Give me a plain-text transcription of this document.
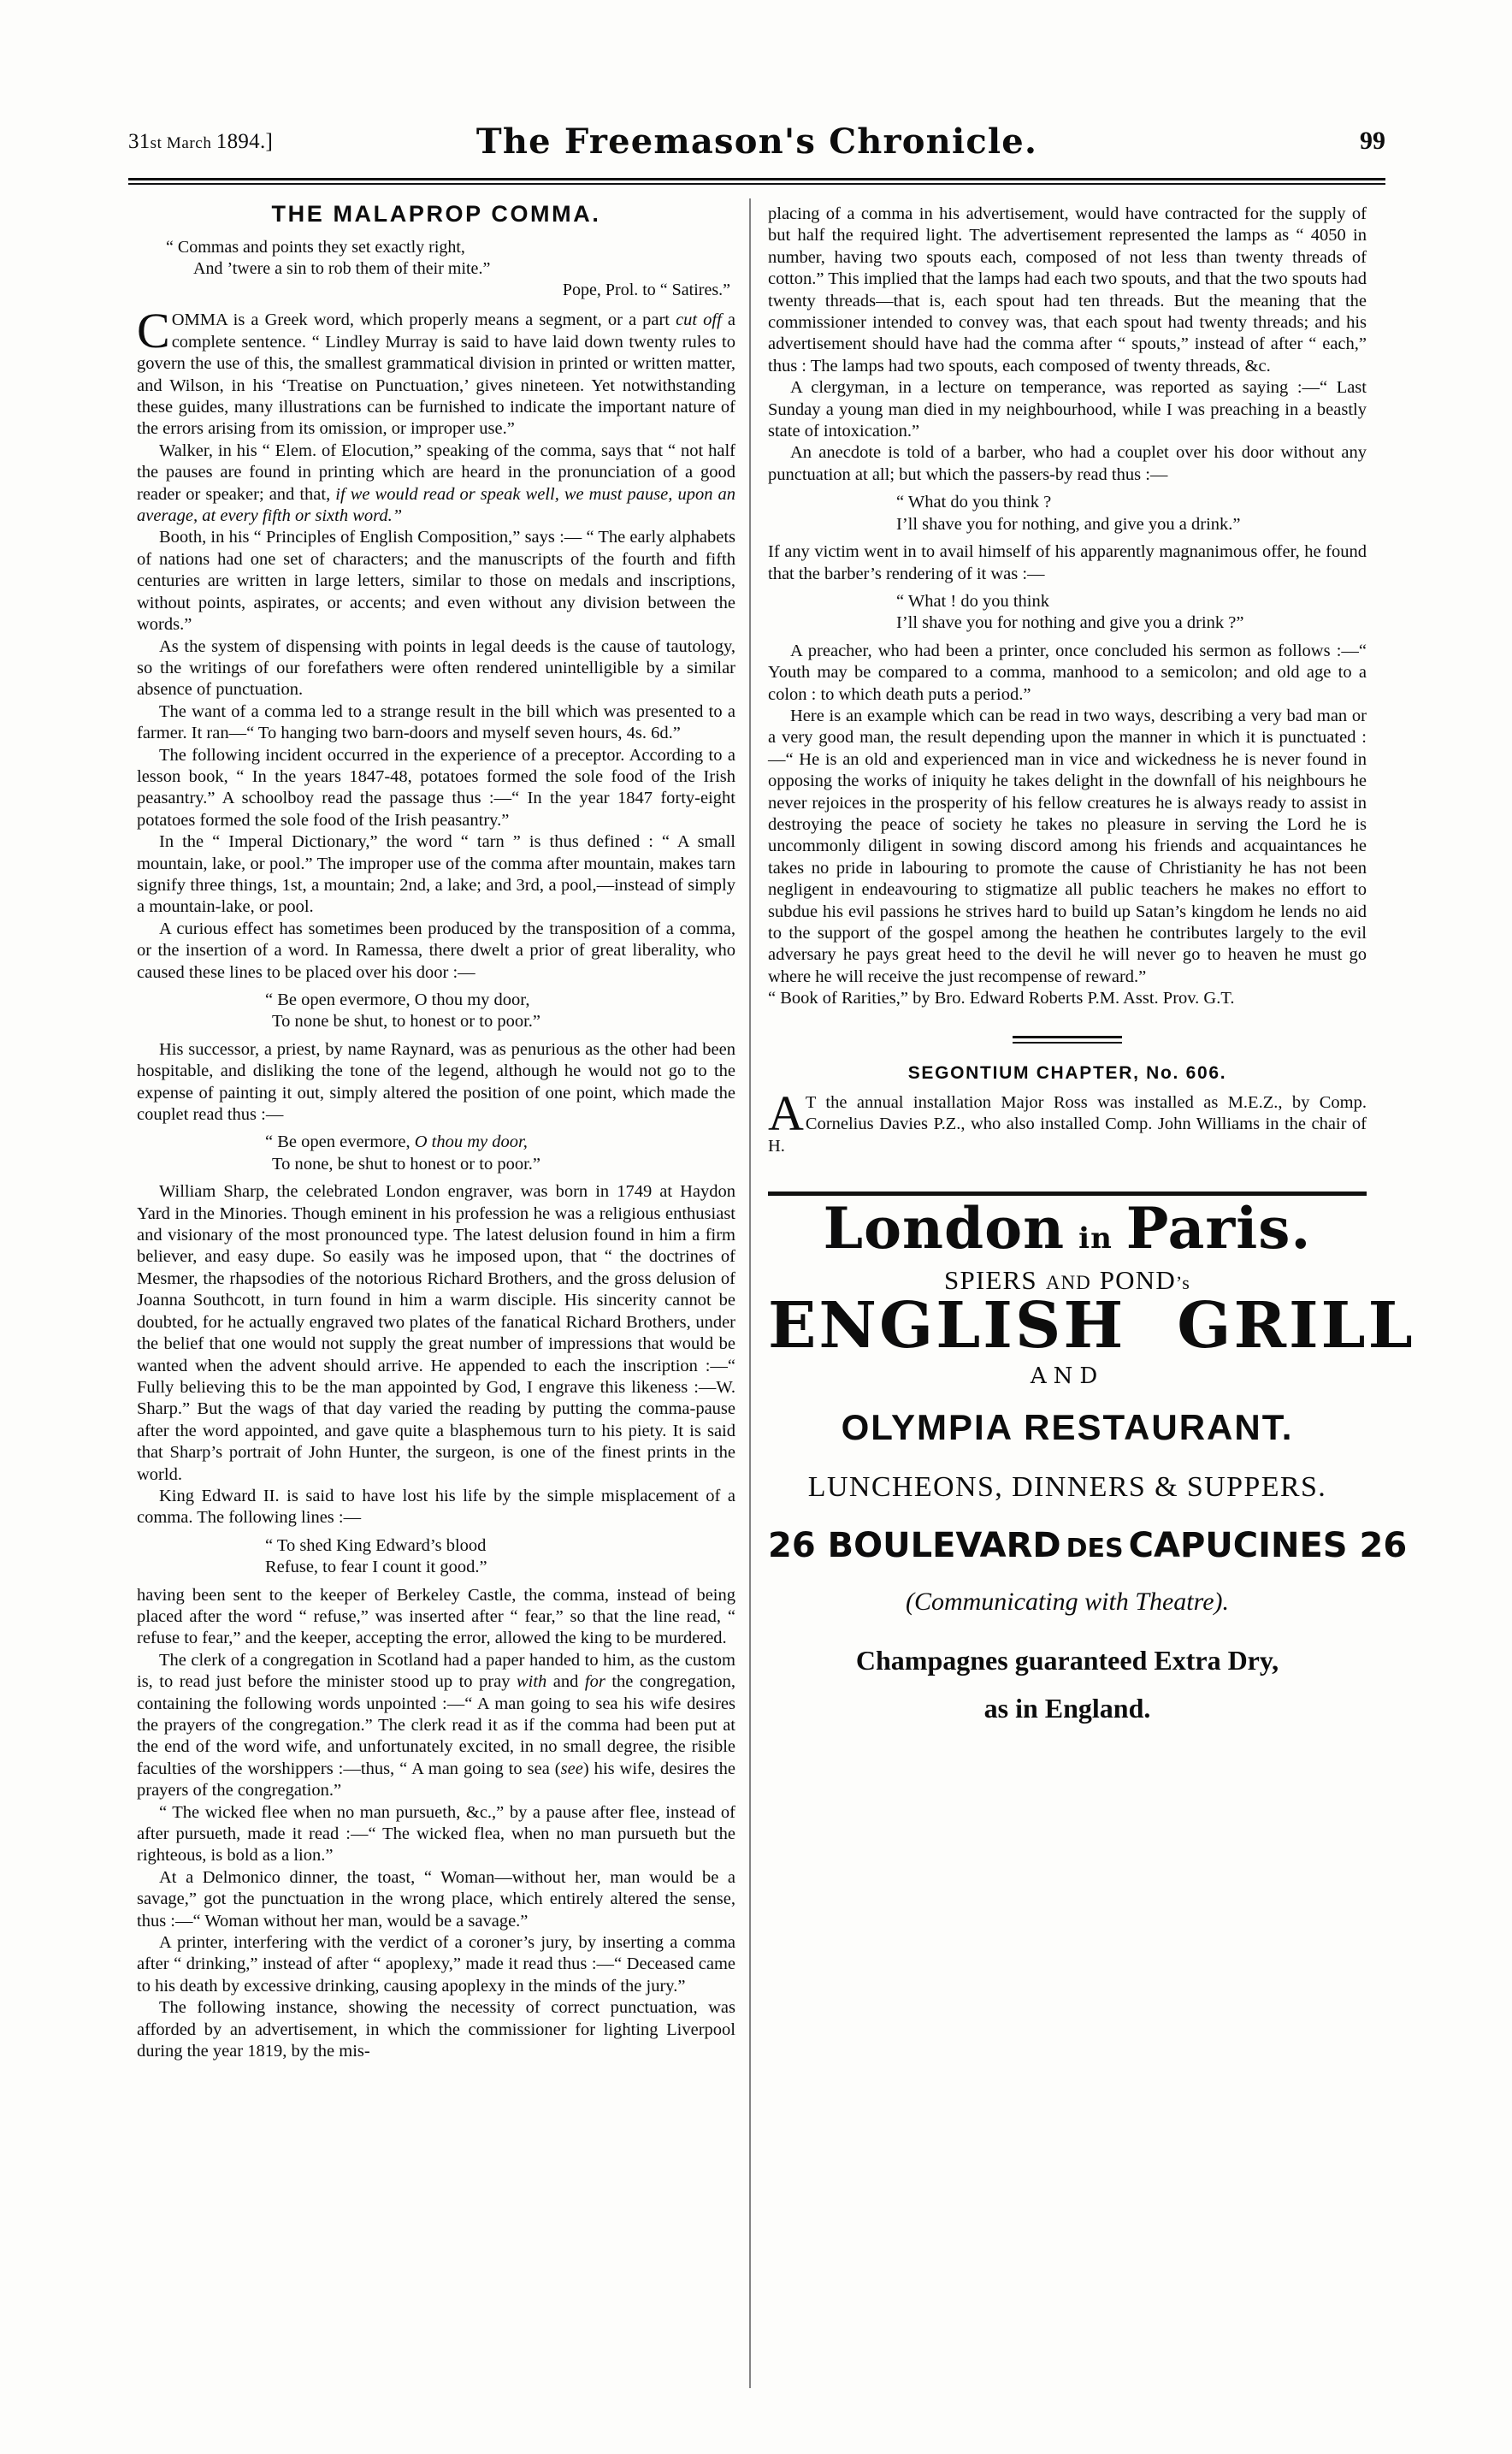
31st March 1894.]	The Freemason's Chronicle.	99
THE MALAPROP COMMA.
“ Commas and points they set exactly right,
And ’twere a sin to rob them of their mite.”
Pope, Prol. to “ Satires.”

COMMA is a Greek word, which properly means a segment, or a part cut off a complete sentence. “ Lindley Murray is said to have laid down twenty rules to govern the use of this, the smallest grammatical division in printed or written matter, and Wilson, in his ‘Treatise on Punctuation,’ gives nineteen. Yet notwithstanding these guides, many illustrations can be furnished to indicate the important nature of the errors arising from its omission, or improper use.”

Walker, in his “ Elem. of Elocution,” speaking of the comma, says that “ not half the pauses are found in printing which are heard in the pronunciation of a good reader or speaker; and that, if we would read or speak well, we must pause, upon an average, at every fifth or sixth word.”

Booth, in his “ Principles of English Composition,” says :— “ The early alphabets of nations had one set of characters; and the manuscripts of the fourth and fifth centuries are written in large letters, similar to those on medals and inscriptions, without points, aspirates, or accents; and even without any division between the words.”

As the system of dispensing with points in legal deeds is the cause of tautology, so the writings of our forefathers were often rendered unintelligible by a similar absence of punctuation.

The want of a comma led to a strange result in the bill which was presented to a farmer. It ran—“ To hanging two barn-doors and myself seven hours, 4s. 6d.”

The following incident occurred in the experience of a preceptor. According to a lesson book, “ In the years 1847-48, potatoes formed the sole food of the Irish peasantry.” A schoolboy read the passage thus :—“ In the year 1847 forty-eight potatoes formed the sole food of the Irish peasantry.”

In the “ Imperal Dictionary,” the word “ tarn ” is thus defined : “ A small mountain, lake, or pool.” The improper use of the comma after mountain, makes tarn signify three things, 1st, a mountain; 2nd, a lake; and 3rd, a pool,—instead of simply a mountain-lake, or pool.

A curious effect has sometimes been produced by the transposition of a comma, or the insertion of a word. In Ramessa, there dwelt a prior of great liberality, who caused these lines to be placed over his door :—

“ Be open evermore, O thou my door,
To none be shut, to honest or to poor.”

His successor, a priest, by name Raynard, was as penurious as the other had been hospitable, and disliking the tone of the legend, although he would not go to the expense of painting it out, simply altered the position of one point, which made the couplet read thus :—

“ Be open evermore, O thou my door,
To none, be shut to honest or to poor.”

William Sharp, the celebrated London engraver, was born in 1749 at Haydon Yard in the Minories. Though eminent in his profession he was a religious enthusiast and visionary of the most pronounced type. The latest delusion found in him a firm believer, and easy dupe. So easily was he imposed upon, that “ the doctrines of Mesmer, the rhapsodies of the notorious Richard Brothers, and the gross delusion of Joanna Southcott, in turn found in him a warm disciple. His sincerity cannot be doubted, for he actually engraved two plates of the fanatical Richard Brothers, under the belief that one would not supply the great number of impressions that would be wanted when the advent should arrive. He appended to each the inscription :—“ Fully believing this to be the man appointed by God, I engrave this likeness :—W. Sharp.” But the wags of that day varied the reading by putting the comma-pause after the word appointed, and gave quite a blasphemous turn to his piety. It is said that Sharp’s portrait of John Hunter, the surgeon, is one of the finest prints in the world.

King Edward II. is said to have lost his life by the simple misplacement of a comma. The following lines :—

“ To shed King Edward’s blood
Refuse, to fear I count it good.”

having been sent to the keeper of Berkeley Castle, the comma, instead of being placed after the word “ refuse,” was inserted after “ fear,” so that the line read, “ refuse to fear,” and the keeper, accepting the error, allowed the king to be murdered.

The clerk of a congregation in Scotland had a paper handed to him, as the custom is, to read just before the minister stood up to pray with and for the congregation, containing the following words unpointed :—“ A man going to sea his wife desires the prayers of the congregation.” The clerk read it as if the comma had been put at the end of the word wife, and unfortunately excited, in no small degree, the risible faculties of the worshippers :—thus, “ A man going to sea (see) his wife, desires the prayers of the congregation.”

“ The wicked flee when no man pursueth, &c.,” by a pause after flee, instead of after pursueth, made it read :—“ The wicked flea, when no man pursueth but the righteous, is bold as a lion.”

At a Delmonico dinner, the toast, “ Woman—without her, man would be a savage,” got the punctuation in the wrong place, which entirely altered the sense, thus :—“ Woman without her man, would be a savage.”

A printer, interfering with the verdict of a coroner’s jury, by inserting a comma after “ drinking,” instead of after “ apoplexy,” made it read thus :—“ Deceased came to his death by excessive drinking, causing apoplexy in the minds of the jury.”

The following instance, showing the necessity of correct punctuation, was afforded by an advertisement, in which the commissioner for lighting Liverpool during the year 1819, by the mis-

placing of a comma in his advertisement, would have contracted for the supply of but half the required light. The advertisement represented the lamps as “ 4050 in number, having two spouts each, composed of not less than twenty threads of cotton.” This implied that the lamps had each two spouts, and that the two spouts had twenty threads—that is, each spout had ten threads. But the meaning that the commissioner intended to convey was, that each spout had twenty threads; and his advertisement should have had the comma after “ spouts,” instead of after “ each,” thus : The lamps had two spouts, each composed of twenty threads, &c.

A clergyman, in a lecture on temperance, was reported as saying :—“ Last Sunday a young man died in my neighbourhood, while I was preaching in a beastly state of intoxication.”

An anecdote is told of a barber, who had a couplet over his door without any punctuation at all; but which the passers-by read thus :—

“ What do you think ?
I’ll shave you for nothing, and give you a drink.”

If any victim went in to avail himself of his apparently magnanimous offer, he found that the barber’s rendering of it was :—

“ What ! do you think
I’ll shave you for nothing and give you a drink ?”

A preacher, who had been a printer, once concluded his sermon as follows :—“ Youth may be compared to a comma, manhood to a semicolon; and old age to a colon : to which death puts a period.”

Here is an example which can be read in two ways, describing a very bad man or a very good man, the result depending upon the manner in which it is punctuated :—“ He is an old and experienced man in vice and wickedness he is never found in opposing the works of iniquity he takes delight in the downfall of his neighbours he never rejoices in the prosperity of his fellow creatures he is always ready to assist in destroying the peace of society he takes no pleasure in serving the Lord he is uncommonly diligent in sowing discord among his friends and acquaintances he takes no pride in labouring to promote the cause of Christianity he has not been negligent in endeavouring to stigmatize all public teachers he makes no effort to subdue his evil passions he strives hard to build up Satan’s kingdom he lends no aid to the support of the gospel among the heathen he contributes largely to the evil adversary he pays great heed to the devil he will never go to heaven he must go where he will receive the just recompense of reward.”

“ Book of Rarities,” by Bro. Edward Roberts P.M. Asst. Prov. G.T.

SEGONTIUM CHAPTER, No. 606.

A T the annual installation Major Ross was installed as M.E.Z., by Comp. Cornelius Davies P.Z., who also installed Comp. John Williams in the chair of H.

London in Paris.
SPIERS AND POND’s
ENGLISH GRILL
AND
OLYMPIA RESTAURANT.
LUNCHEONS, DINNERS & SUPPERS.
26 BOULEVARD DES CAPUCINES 26
(Communicating with Theatre).
Champagnes guaranteed Extra Dry,
as in England.
